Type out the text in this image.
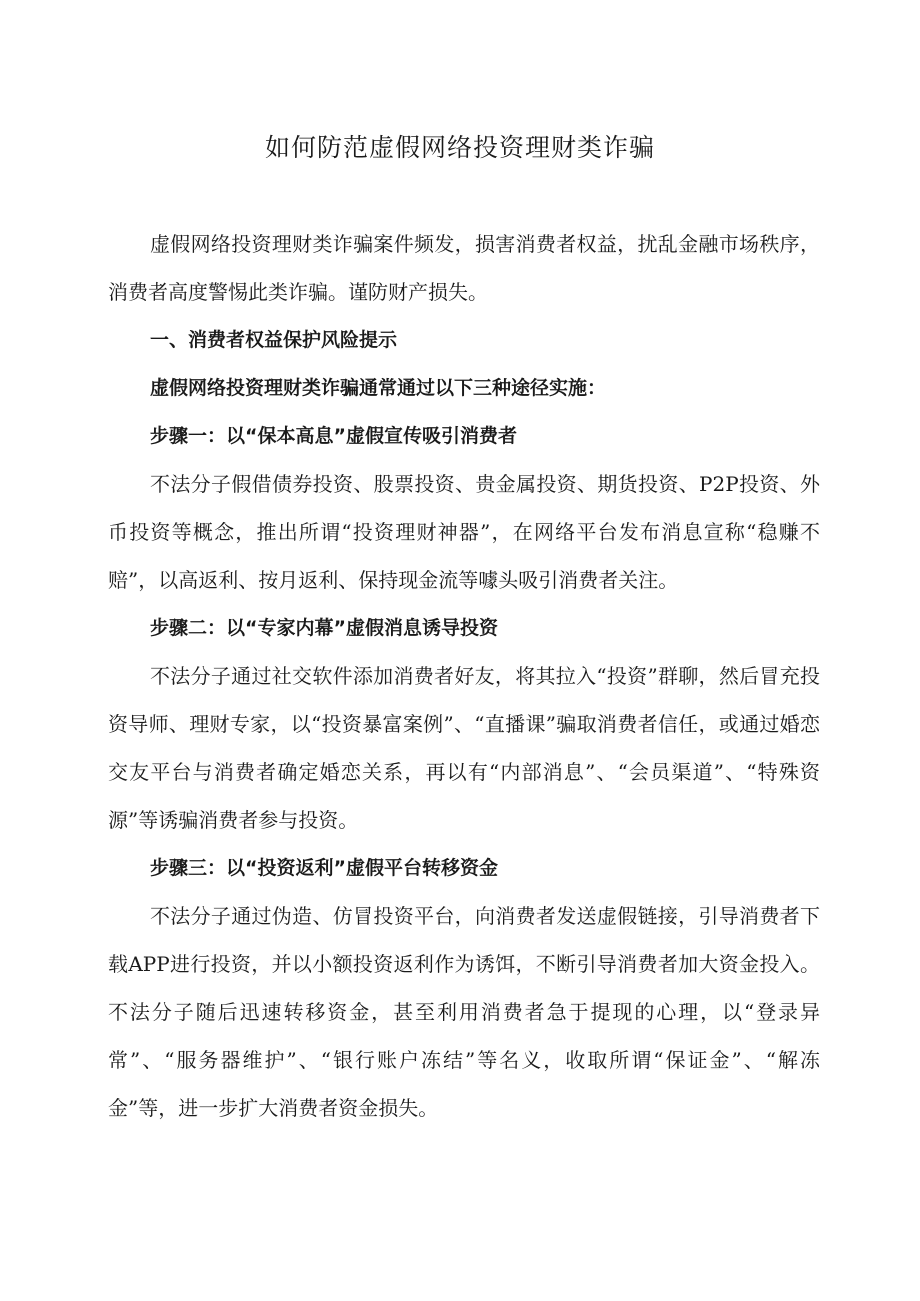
如何防范虚假网络投资理财类诈骗

虚假网络投资理财类诈骗案件频发，损害消费者权益，扰乱金融市场秩序，消费者高度警惕此类诈骗。谨防财产损失。

一、消费者权益保护风险提示

虚假网络投资理财类诈骗通常通过以下三种途径实施：

步骤一：以“保本高息”虚假宣传吸引消费者

不法分子假借债券投资、股票投资、贵金属投资、期货投资、P2P投资、外币投资等概念，推出所谓“投资理财神器”，在网络平台发布消息宣称“稳赚不赔”，以高返利、按月返利、保持现金流等噱头吸引消费者关注。

步骤二：以“专家内幕”虚假消息诱导投资

不法分子通过社交软件添加消费者好友，将其拉入“投资”群聊，然后冒充投资导师、理财专家，以“投资暴富案例”、“直播课”骗取消费者信任，或通过婚恋交友平台与消费者确定婚恋关系，再以有“内部消息”、“会员渠道”、“特殊资源”等诱骗消费者参与投资。

步骤三：以“投资返利”虚假平台转移资金

不法分子通过伪造、仿冒投资平台，向消费者发送虚假链接，引导消费者下载APP进行投资，并以小额投资返利作为诱饵，不断引导消费者加大资金投入。不法分子随后迅速转移资金，甚至利用消费者急于提现的心理，以“登录异常”、“服务器维护”、“银行账户冻结”等名义，收取所谓“保证金”、“解冻金”等，进一步扩大消费者资金损失。
